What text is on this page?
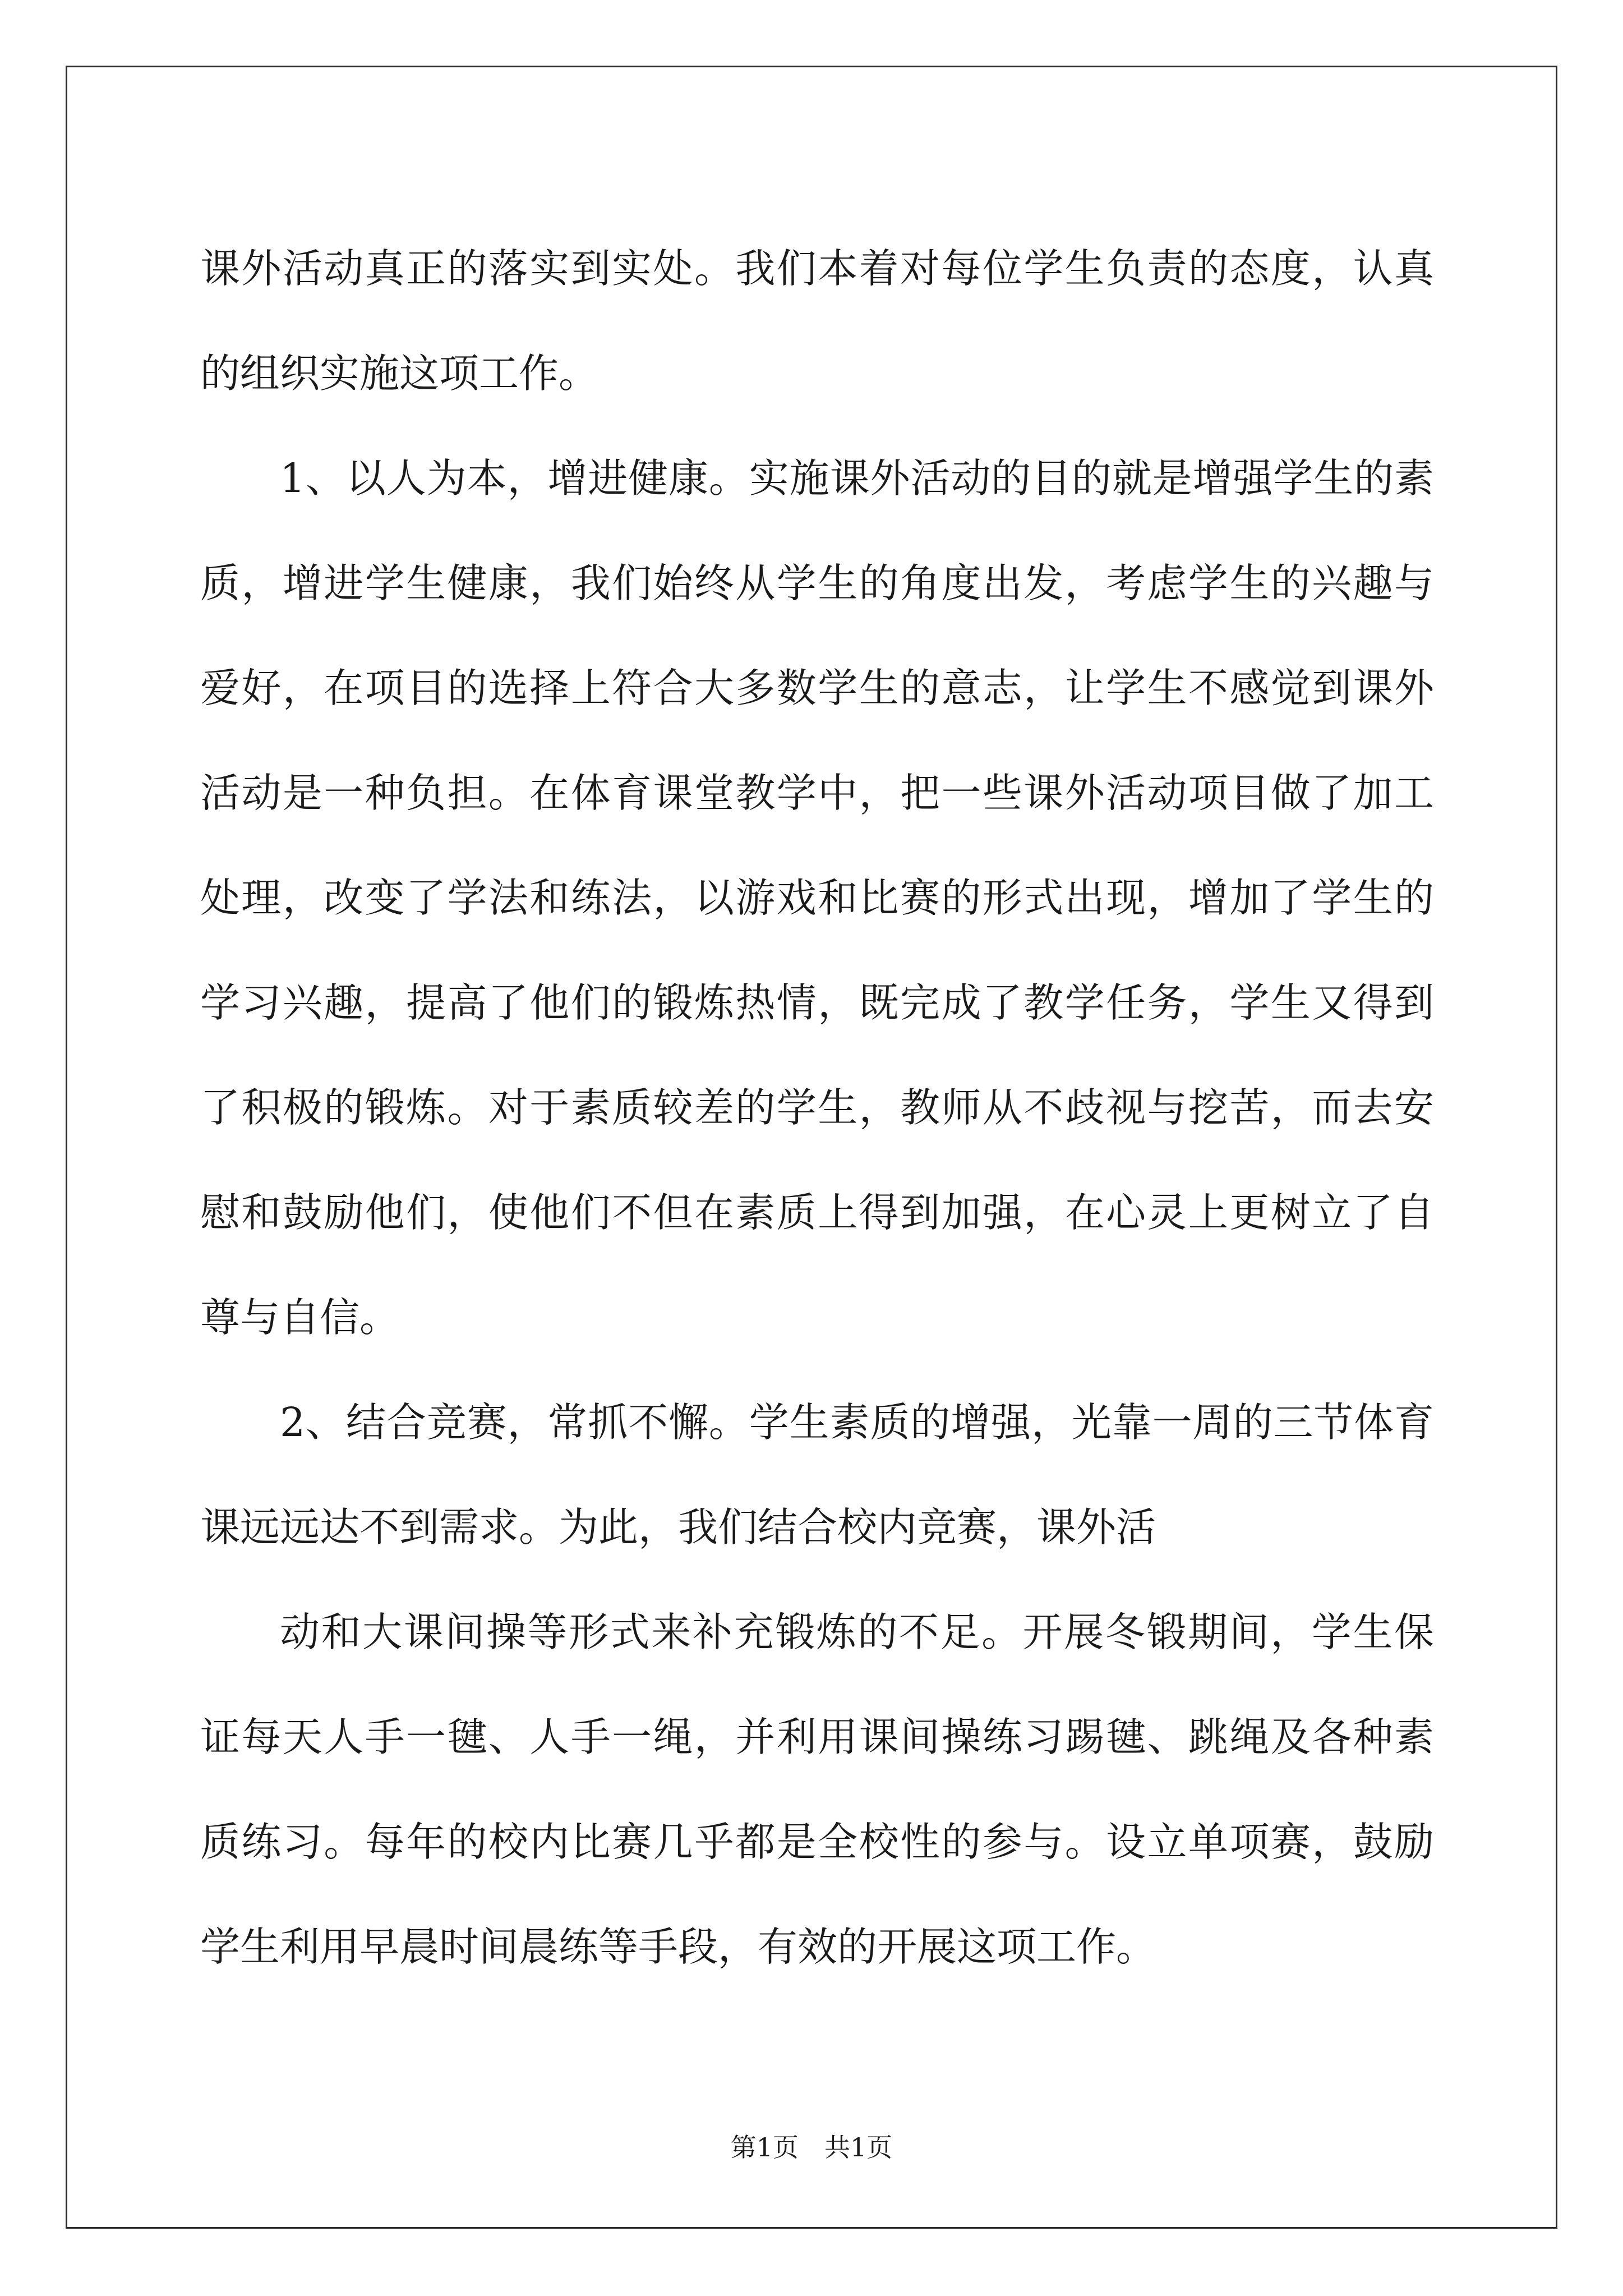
课外活动真正的落实到实处。我们本着对每位学生负责的态度，认真
的组织实施这项工作。
1、以人为本，增进健康。实施课外活动的目的就是增强学生的素
质，增进学生健康，我们始终从学生的角度出发，考虑学生的兴趣与
爱好，在项目的选择上符合大多数学生的意志，让学生不感觉到课外
活动是一种负担。在体育课堂教学中，把一些课外活动项目做了加工
处理，改变了学法和练法，以游戏和比赛的形式出现，增加了学生的
学习兴趣，提高了他们的锻炼热情，既完成了教学任务，学生又得到
了积极的锻炼。对于素质较差的学生，教师从不歧视与挖苦，而去安
慰和鼓励他们，使他们不但在素质上得到加强，在心灵上更树立了自
尊与自信。
2、结合竞赛，常抓不懈。学生素质的增强，光靠一周的三节体育
课远远达不到需求。为此，我们结合校内竞赛，课外活
动和大课间操等形式来补充锻炼的不足。开展冬锻期间，学生保
证每天人手一毽、人手一绳，并利用课间操练习踢毽、跳绳及各种素
质练习。每年的校内比赛几乎都是全校性的参与。设立单项赛，鼓励
学生利用早晨时间晨练等手段，有效的开展这项工作。
第1页 共1页
